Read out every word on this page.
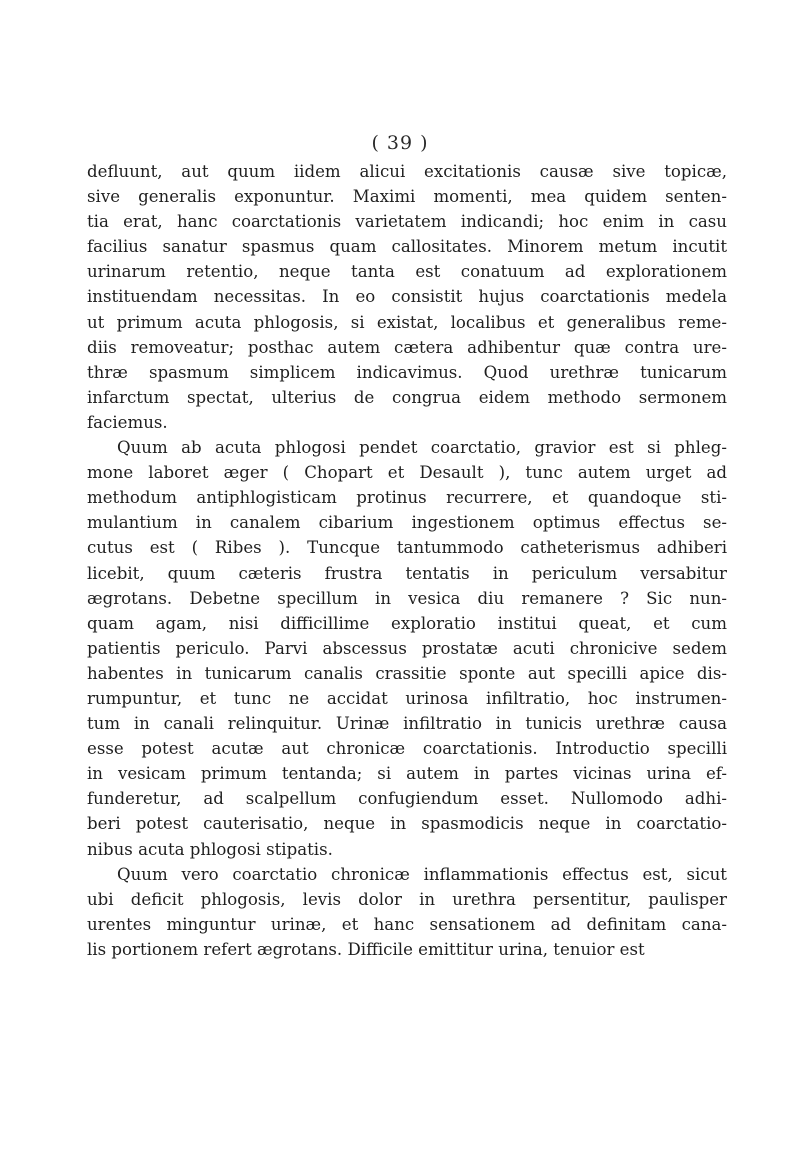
( 39 )
defluunt, aut quum iidem alicui excitationis causæ sive topicæ,
sive generalis exponuntur. Maximi momenti, mea quidem senten-
tia erat, hanc coarctationis varietatem indicandi; hoc enim in casu
facilius sanatur spasmus quam callositates. Minorem metum incutit
urinarum retentio, neque tanta est conatuum ad explorationem
instituendam necessitas. In eo consistit hujus coarctationis medela
ut primum acuta phlogosis, si existat, localibus et generalibus reme-
diis removeatur; posthac autem cætera adhibentur quæ contra ure-
thræ spasmum simplicem indicavimus. Quod urethræ tunicarum
infarctum spectat, ulterius de congrua eidem methodo sermonem
faciemus.
Quum ab acuta phlogosi pendet coarctatio, gravior est si phleg-
mone laboret æger ( Chopart et Desault ), tunc autem urget ad
methodum antiphlogisticam protinus recurrere, et quandoque sti-
mulantium in canalem cibarium ingestionem optimus effectus se-
cutus est ( Ribes ). Tuncque tantummodo catheterismus adhiberi
licebit, quum cæteris frustra tentatis in periculum versabitur
ægrotans. Debetne specillum in vesica diu remanere ? Sic nun-
quam agam, nisi difficillime exploratio institui queat, et cum
patientis periculo. Parvi abscessus prostatæ acuti chronicive sedem
habentes in tunicarum canalis crassitie sponte aut specilli apice dis-
rumpuntur, et tunc ne accidat urinosa infiltratio, hoc instrumen-
tum in canali relinquitur. Urinæ infiltratio in tunicis urethræ causa
esse potest acutæ aut chronicæ coarctationis. Introductio specilli
in vesicam primum tentanda; si autem in partes vicinas urina ef-
funderetur, ad scalpellum confugiendum esset. Nullomodo adhi-
beri potest cauterisatio, neque in spasmodicis neque in coarctatio-
nibus acuta phlogosi stipatis.
Quum vero coarctatio chronicæ inflammationis effectus est, sicut
ubi deficit phlogosis, levis dolor in urethra persentitur, paulisper
urentes minguntur urinæ, et hanc sensationem ad definitam cana-
lis portionem refert ægrotans. Difficile emittitur urina, tenuior est
